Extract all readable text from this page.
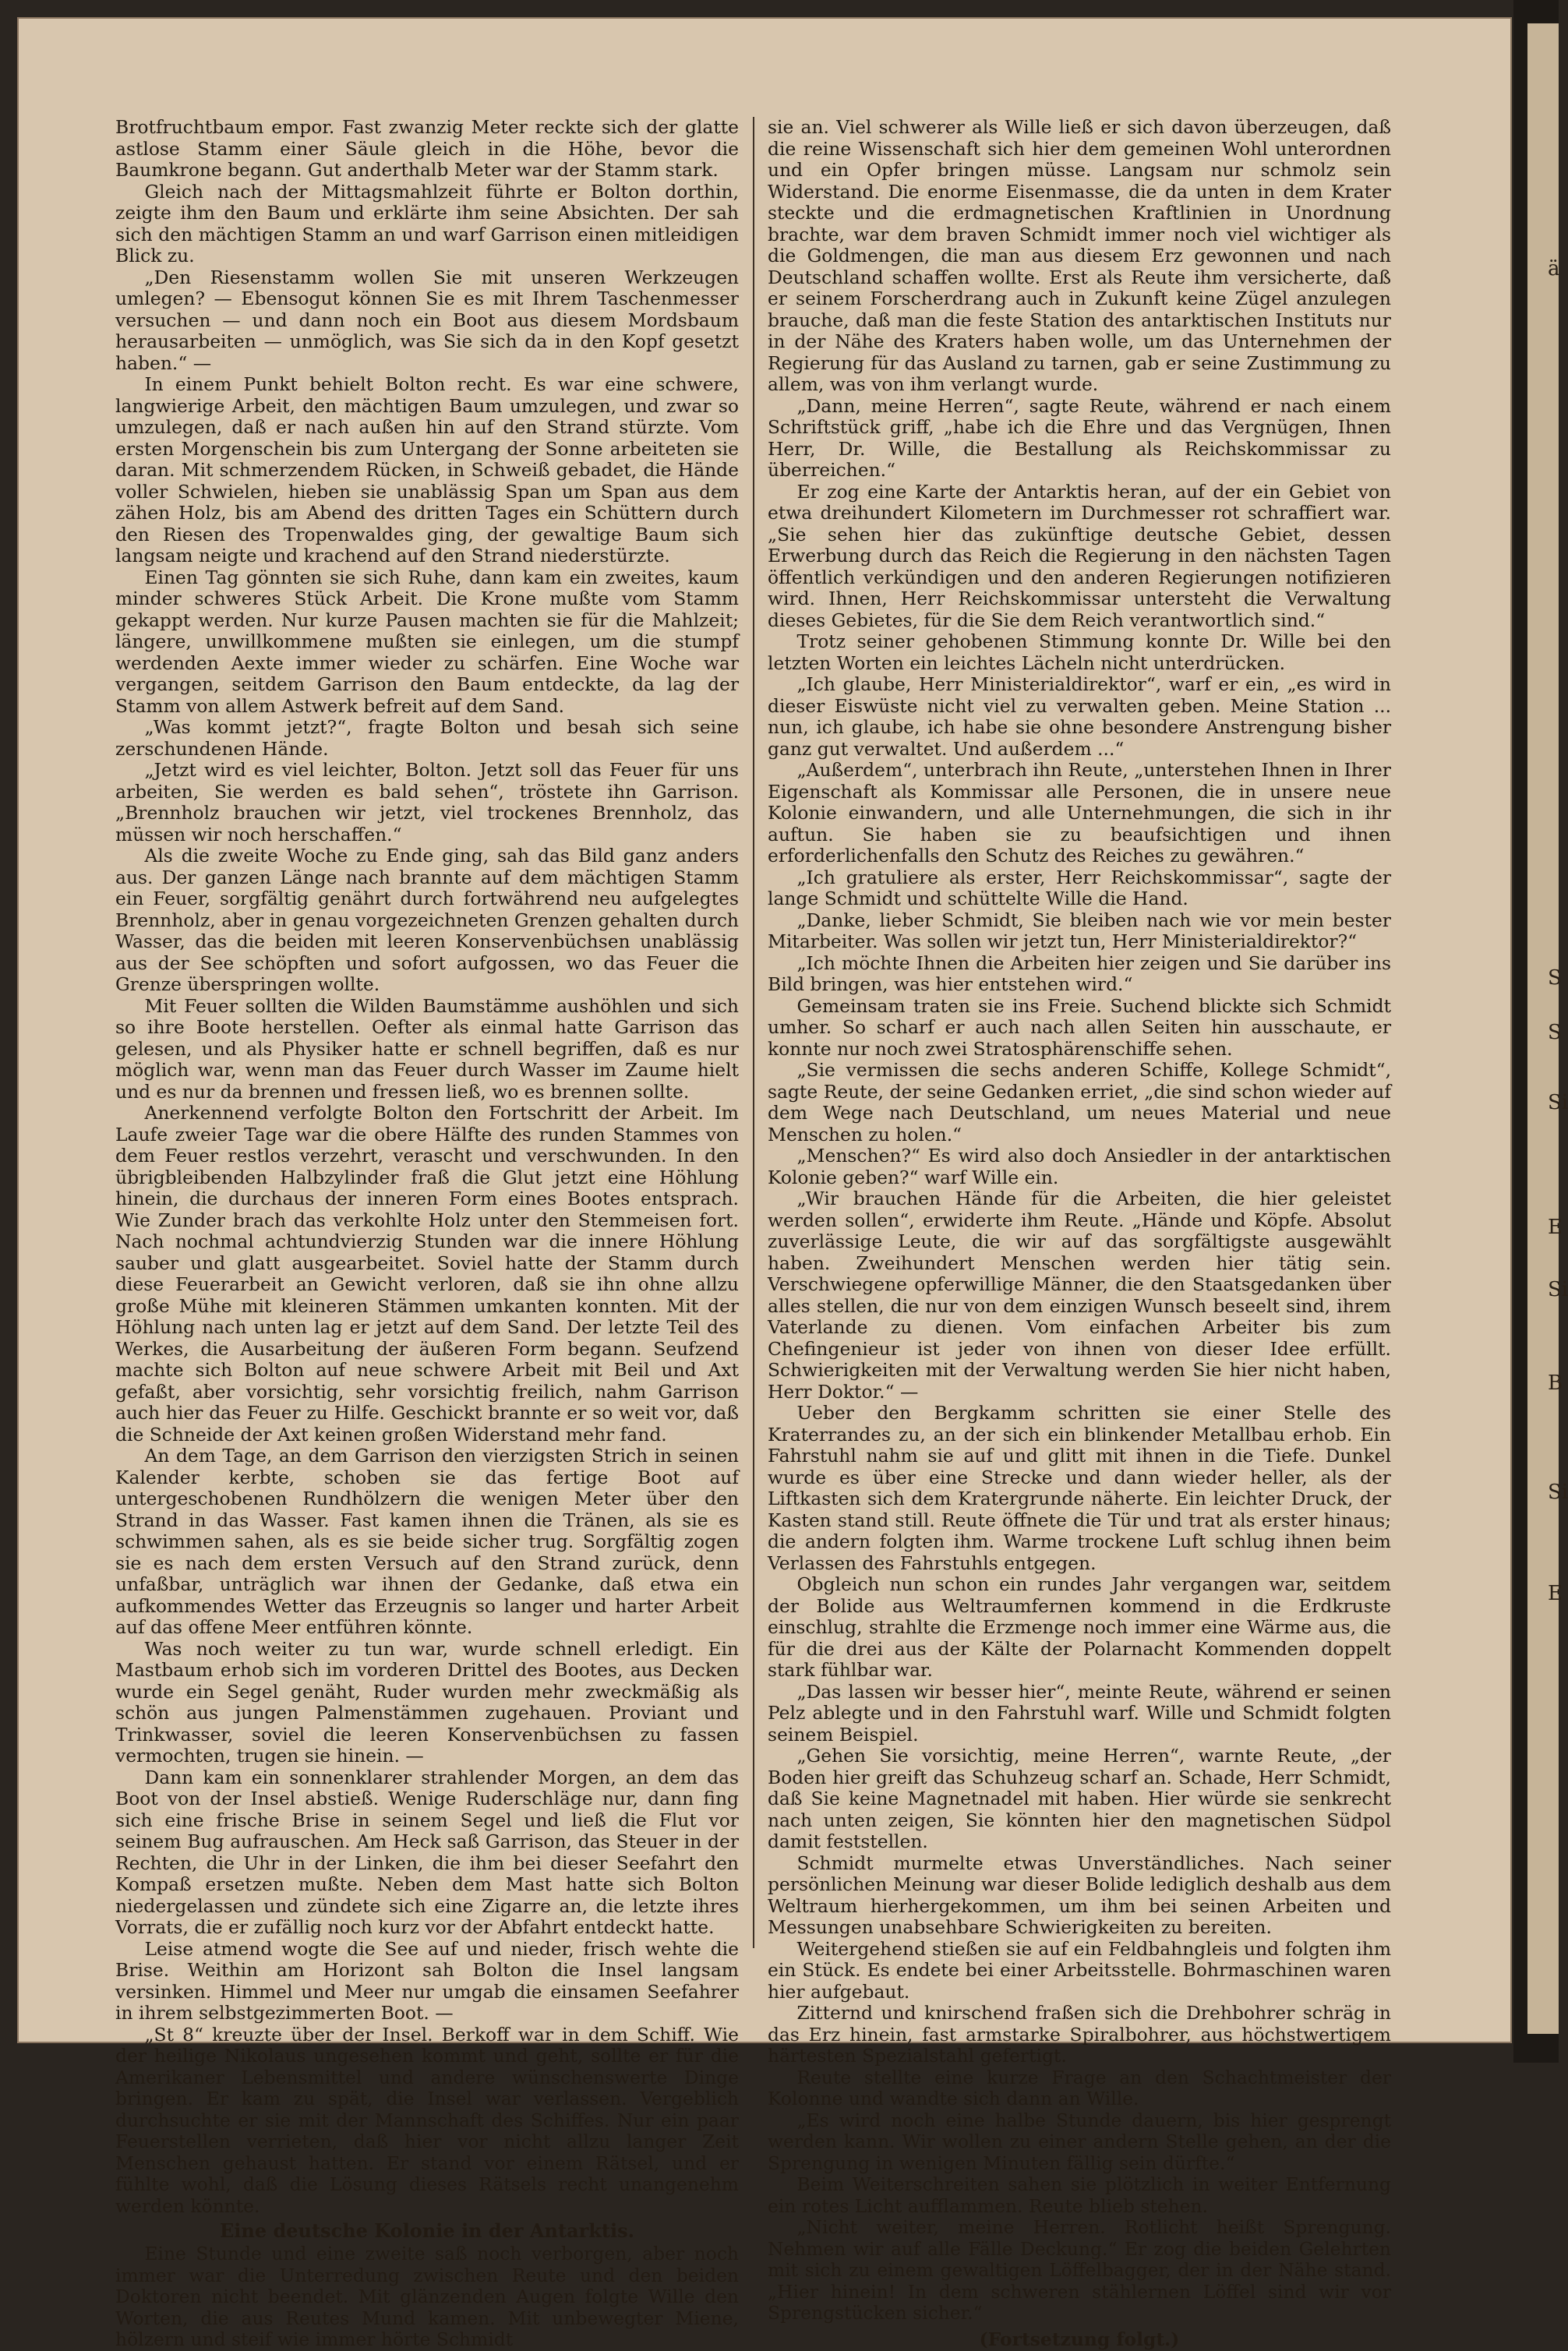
ä
S
S
Si
E
Si
B
Si
E

Brotfruchtbaum empor. Fast zwanzig Meter reckte sich der glatte astlose Stamm einer Säule gleich in die Höhe, bevor die Baumkrone begann. Gut anderthalb Meter war der Stamm stark.

Gleich nach der Mittagsmahlzeit führte er Bolton dorthin, zeigte ihm den Baum und erklärte ihm seine Absichten. Der sah sich den mächtigen Stamm an und warf Garrison einen mitleidigen Blick zu.

„Den Riesenstamm wollen Sie mit unseren Werkzeugen umlegen? — Ebensogut können Sie es mit Ihrem Taschenmesser versuchen — und dann noch ein Boot aus diesem Mordsbaum herausarbeiten — unmöglich, was Sie sich da in den Kopf gesetzt haben.“ —

In einem Punkt behielt Bolton recht. Es war eine schwere, langwierige Arbeit, den mächtigen Baum umzulegen, und zwar so umzulegen, daß er nach außen hin auf den Strand stürzte. Vom ersten Morgenschein bis zum Untergang der Sonne arbeiteten sie daran. Mit schmerzendem Rücken, in Schweiß gebadet, die Hände voller Schwielen, hieben sie unablässig Span um Span aus dem zähen Holz, bis am Abend des dritten Tages ein Schüttern durch den Riesen des Tropenwaldes ging, der gewaltige Baum sich langsam neigte und krachend auf den Strand niederstürzte.

Einen Tag gönnten sie sich Ruhe, dann kam ein zweites, kaum minder schweres Stück Arbeit. Die Krone mußte vom Stamm gekappt werden. Nur kurze Pausen machten sie für die Mahlzeit; längere, unwillkommene mußten sie einlegen, um die stumpf werdenden Aexte immer wieder zu schärfen. Eine Woche war vergangen, seitdem Garrison den Baum entdeckte, da lag der Stamm von allem Astwerk befreit auf dem Sand.

„Was kommt jetzt?“, fragte Bolton und besah sich seine zerschundenen Hände.

„Jetzt wird es viel leichter, Bolton. Jetzt soll das Feuer für uns arbeiten, Sie werden es bald sehen“, tröstete ihn Garrison. „Brennholz brauchen wir jetzt, viel trockenes Brennholz, das müssen wir noch herschaffen.“

Als die zweite Woche zu Ende ging, sah das Bild ganz anders aus. Der ganzen Länge nach brannte auf dem mächtigen Stamm ein Feuer, sorgfältig genährt durch fortwährend neu aufgelegtes Brennholz, aber in genau vorgezeichneten Grenzen gehalten durch Wasser, das die beiden mit leeren Konservenbüchsen unablässig aus der See schöpften und sofort aufgossen, wo das Feuer die Grenze überspringen wollte.

Mit Feuer sollten die Wilden Baumstämme aushöhlen und sich so ihre Boote herstellen. Oefter als einmal hatte Garrison das gelesen, und als Physiker hatte er schnell begriffen, daß es nur möglich war, wenn man das Feuer durch Wasser im Zaume hielt und es nur da brennen und fressen ließ, wo es brennen sollte.

Anerkennend verfolgte Bolton den Fortschritt der Arbeit. Im Laufe zweier Tage war die obere Hälfte des runden Stammes von dem Feuer restlos verzehrt, verascht und verschwunden. In den übrigbleibenden Halbzylinder fraß die Glut jetzt eine Höhlung hinein, die durchaus der inneren Form eines Bootes entsprach. Wie Zunder brach das verkohlte Holz unter den Stemmeisen fort. Nach nochmal achtundvierzig Stunden war die innere Höhlung sauber und glatt ausgearbeitet. Soviel hatte der Stamm durch diese Feuerarbeit an Gewicht verloren, daß sie ihn ohne allzu große Mühe mit kleineren Stämmen umkanten konnten. Mit der Höhlung nach unten lag er jetzt auf dem Sand. Der letzte Teil des Werkes, die Ausarbeitung der äußeren Form begann. Seufzend machte sich Bolton auf neue schwere Arbeit mit Beil und Axt gefaßt, aber vorsichtig, sehr vorsichtig freilich, nahm Garrison auch hier das Feuer zu Hilfe. Geschickt brannte er so weit vor, daß die Schneide der Axt keinen großen Widerstand mehr fand.

An dem Tage, an dem Garrison den vierzigsten Strich in seinen Kalender kerbte, schoben sie das fertige Boot auf untergeschobenen Rundhölzern die wenigen Meter über den Strand in das Wasser. Fast kamen ihnen die Tränen, als sie es schwimmen sahen, als es sie beide sicher trug. Sorgfältig zogen sie es nach dem ersten Versuch auf den Strand zurück, denn unfaßbar, unträglich war ihnen der Gedanke, daß etwa ein aufkommendes Wetter das Erzeugnis so langer und harter Arbeit auf das offene Meer entführen könnte.

Was noch weiter zu tun war, wurde schnell erledigt. Ein Mastbaum erhob sich im vorderen Drittel des Bootes, aus Decken wurde ein Segel genäht, Ruder wurden mehr zweckmäßig als schön aus jungen Palmenstämmen zugehauen. Proviant und Trinkwasser, soviel die leeren Konservenbüchsen zu fassen vermochten, trugen sie hinein. —

Dann kam ein sonnenklarer strahlender Morgen, an dem das Boot von der Insel abstieß. Wenige Ruderschläge nur, dann fing sich eine frische Brise in seinem Segel und ließ die Flut vor seinem Bug aufrauschen. Am Heck saß Garrison, das Steuer in der Rechten, die Uhr in der Linken, die ihm bei dieser Seefahrt den Kompaß ersetzen mußte. Neben dem Mast hatte sich Bolton niedergelassen und zündete sich eine Zigarre an, die letzte ihres Vorrats, die er zufällig noch kurz vor der Abfahrt entdeckt hatte.

Leise atmend wogte die See auf und nieder, frisch wehte die Brise. Weithin am Horizont sah Bolton die Insel langsam versinken. Himmel und Meer nur umgab die einsamen Seefahrer in ihrem selbstgezimmerten Boot. —

„St 8“ kreuzte über der Insel. Berkoff war in dem Schiff. Wie der heilige Nikolaus ungesehen kommt und geht, sollte er für die Amerikaner Lebensmittel und andere wünschenswerte Dinge bringen. Er kam zu spät, die Insel war verlassen. Vergeblich durchsuchte er sie mit der Mannschaft des Schiffes. Nur ein paar Feuerstellen verrieten, daß hier vor nicht allzu langer Zeit Menschen gehaust hatten. Er stand vor einem Rätsel, und er fühlte wohl, daß die Lösung dieses Rätsels recht unangenehm werden könnte.

Eine deutsche Kolonie in der Antarktis.

Eine Stunde und eine zweite saß noch verborgen, aber noch immer war die Unterredung zwischen Reute und den beiden Doktoren nicht beendet. Mit glänzenden Augen folgte Wille den Worten, die aus Reutes Mund kamen. Mit unbewegter Miene, hölzern und steif wie immer hörte Schmidt

sie an. Viel schwerer als Wille ließ er sich davon überzeugen, daß die reine Wissenschaft sich hier dem gemeinen Wohl unterordnen und ein Opfer bringen müsse. Langsam nur schmolz sein Widerstand. Die enorme Eisenmasse, die da unten in dem Krater steckte und die erdmagnetischen Kraftlinien in Unordnung brachte, war dem braven Schmidt immer noch viel wichtiger als die Goldmengen, die man aus diesem Erz gewonnen und nach Deutschland schaffen wollte. Erst als Reute ihm versicherte, daß er seinem Forscherdrang auch in Zukunft keine Zügel anzulegen brauche, daß man die feste Station des antarktischen Instituts nur in der Nähe des Kraters haben wolle, um das Unternehmen der Regierung für das Ausland zu tarnen, gab er seine Zustimmung zu allem, was von ihm verlangt wurde.

„Dann, meine Herren“, sagte Reute, während er nach einem Schriftstück griff, „habe ich die Ehre und das Vergnügen, Ihnen Herr, Dr. Wille, die Bestallung als Reichskommissar zu überreichen.“

Er zog eine Karte der Antarktis heran, auf der ein Gebiet von etwa dreihundert Kilometern im Durchmesser rot schraffiert war. „Sie sehen hier das zukünftige deutsche Gebiet, dessen Erwerbung durch das Reich die Regierung in den nächsten Tagen öffentlich verkündigen und den anderen Regierungen notifizieren wird. Ihnen, Herr Reichskommissar untersteht die Verwaltung dieses Gebietes, für die Sie dem Reich verantwortlich sind.“

Trotz seiner gehobenen Stimmung konnte Dr. Wille bei den letzten Worten ein leichtes Lächeln nicht unterdrücken.

„Ich glaube, Herr Ministerialdirektor“, warf er ein, „es wird in dieser Eiswüste nicht viel zu verwalten geben. Meine Station ... nun, ich glaube, ich habe sie ohne besondere Anstrengung bisher ganz gut verwaltet. Und außerdem ...“

„Außerdem“, unterbrach ihn Reute, „unterstehen Ihnen in Ihrer Eigenschaft als Kommissar alle Personen, die in unsere neue Kolonie einwandern, und alle Unternehmungen, die sich in ihr auftun. Sie haben sie zu beaufsichtigen und ihnen erforderlichenfalls den Schutz des Reiches zu gewähren.“

„Ich gratuliere als erster, Herr Reichskommissar“, sagte der lange Schmidt und schüttelte Wille die Hand.

„Danke, lieber Schmidt, Sie bleiben nach wie vor mein bester Mitarbeiter. Was sollen wir jetzt tun, Herr Ministerialdirektor?“

„Ich möchte Ihnen die Arbeiten hier zeigen und Sie darüber ins Bild bringen, was hier entstehen wird.“

Gemeinsam traten sie ins Freie. Suchend blickte sich Schmidt umher. So scharf er auch nach allen Seiten hin ausschaute, er konnte nur noch zwei Stratosphärenschiffe sehen.

„Sie vermissen die sechs anderen Schiffe, Kollege Schmidt“, sagte Reute, der seine Gedanken erriet, „die sind schon wieder auf dem Wege nach Deutschland, um neues Material und neue Menschen zu holen.“

„Menschen?“ Es wird also doch Ansiedler in der antarktischen Kolonie geben?“ warf Wille ein.

„Wir brauchen Hände für die Arbeiten, die hier geleistet werden sollen“, erwiderte ihm Reute. „Hände und Köpfe. Absolut zuverlässige Leute, die wir auf das sorgfältigste ausgewählt haben. Zweihundert Menschen werden hier tätig sein. Verschwiegene opferwillige Männer, die den Staatsgedanken über alles stellen, die nur von dem einzigen Wunsch beseelt sind, ihrem Vaterlande zu dienen. Vom einfachen Arbeiter bis zum Chefingenieur ist jeder von ihnen von dieser Idee erfüllt. Schwierigkeiten mit der Verwaltung werden Sie hier nicht haben, Herr Doktor.“ —

Ueber den Bergkamm schritten sie einer Stelle des Kraterrandes zu, an der sich ein blinkender Metallbau erhob. Ein Fahrstuhl nahm sie auf und glitt mit ihnen in die Tiefe. Dunkel wurde es über eine Strecke und dann wieder heller, als der Liftkasten sich dem Kratergrunde näherte. Ein leichter Druck, der Kasten stand still. Reute öffnete die Tür und trat als erster hinaus; die andern folgten ihm. Warme trockene Luft schlug ihnen beim Verlassen des Fahrstuhls entgegen.

Obgleich nun schon ein rundes Jahr vergangen war, seitdem der Bolide aus Weltraumfernen kommend in die Erdkruste einschlug, strahlte die Erzmenge noch immer eine Wärme aus, die für die drei aus der Kälte der Polarnacht Kommenden doppelt stark fühlbar war.

„Das lassen wir besser hier“, meinte Reute, während er seinen Pelz ablegte und in den Fahrstuhl warf. Wille und Schmidt folgten seinem Beispiel.

„Gehen Sie vorsichtig, meine Herren“, warnte Reute, „der Boden hier greift das Schuhzeug scharf an. Schade, Herr Schmidt, daß Sie keine Magnetnadel mit haben. Hier würde sie senkrecht nach unten zeigen, Sie könnten hier den magnetischen Südpol damit feststellen.

Schmidt murmelte etwas Unverständliches. Nach seiner persönlichen Meinung war dieser Bolide lediglich deshalb aus dem Weltraum hierhergekommen, um ihm bei seinen Arbeiten und Messungen unabsehbare Schwierigkeiten zu bereiten.

Weitergehend stießen sie auf ein Feldbahngleis und folgten ihm ein Stück. Es endete bei einer Arbeitsstelle. Bohrmaschinen waren hier aufgebaut.

Zitternd und knirschend fraßen sich die Drehbohrer schräg in das Erz hinein, fast armstarke Spiralbohrer, aus höchstwertigem härtesten Spezialstahl gefertigt.

Reute stellte eine kurze Frage an den Schachtmeister der Kolonne und wandte sich dann an Wille.

„Es wird noch eine halbe Stunde dauern, bis hier gesprengt werden kann. Wir wollen zu einer andern Stelle gehen, an der die Sprengung in wenigen Minuten fällig sein dürfte.“

Beim Weiterschreiten sahen sie plötzlich in weiter Entfernung ein rotes Licht aufflammen. Reute blieb stehen.

„Nicht weiter, meine Herren. Rotlicht heißt Sprengung. Nehmen wir auf alle Fälle Deckung.“ Er zog die beiden Gelehrten mit sich zu einem gewaltigen Löffelbagger, der in der Nähe stand. „Hier hinein! In dem schweren stählernen Löffel sind wir vor Sprengstücken sicher.“

(Fortsetzung folgt.)
